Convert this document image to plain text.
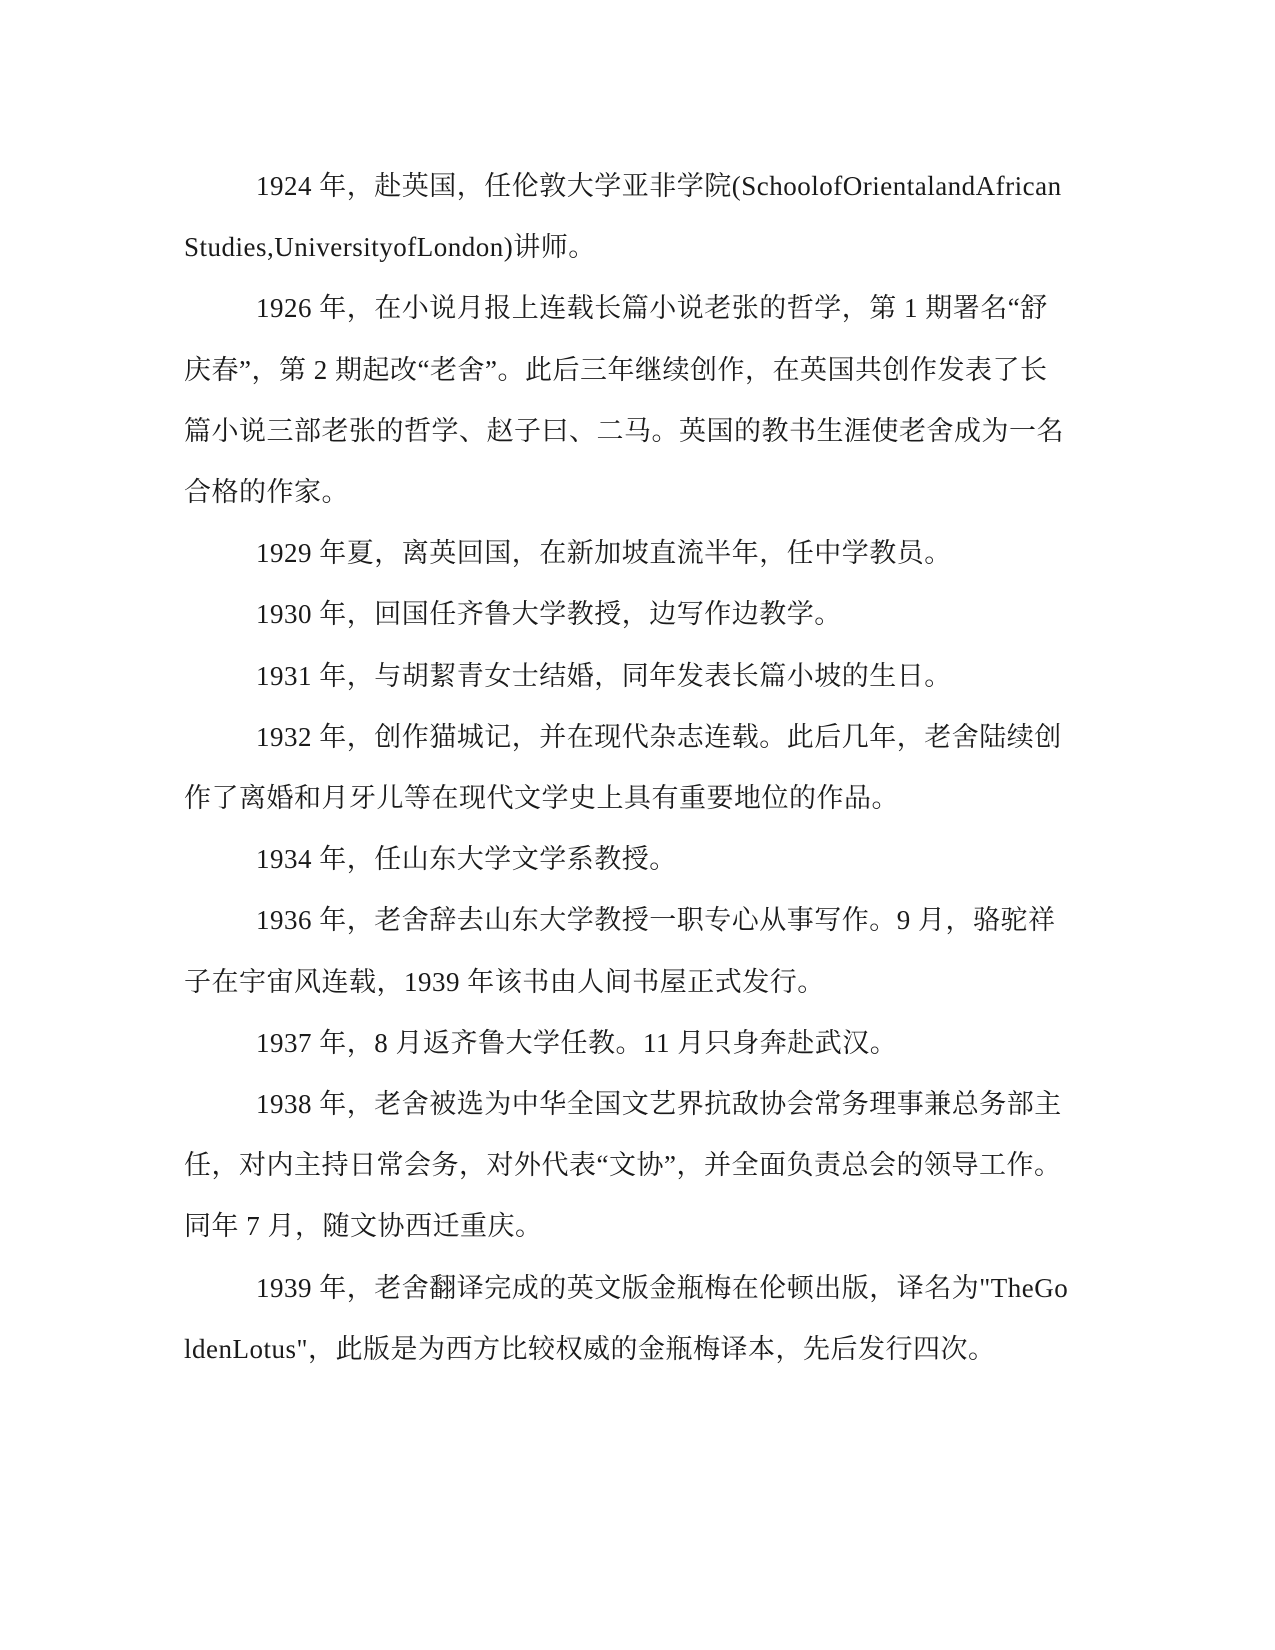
1924 年，赴英国，任伦敦大学亚非学院(SchoolofOrientalandAfricanStudies,UniversityofLondon)讲师。

1926 年，在小说月报上连载长篇小说老张的哲学，第 1 期署名“舒庆春”，第 2 期起改“老舍”。此后三年继续创作，在英国共创作发表了长篇小说三部老张的哲学、赵子曰、二马。英国的教书生涯使老舍成为一名合格的作家。

1929 年夏，离英回国，在新加坡直流半年，任中学教员。

1930 年，回国任齐鲁大学教授，边写作边教学。

1931 年，与胡絜青女士结婚，同年发表长篇小坡的生日。

1932 年，创作猫城记，并在现代杂志连载。此后几年，老舍陆续创作了离婚和月牙儿等在现代文学史上具有重要地位的作品。

1934 年，任山东大学文学系教授。

1936 年，老舍辞去山东大学教授一职专心从事写作。9 月，骆驼祥子在宇宙风连载，1939 年该书由人间书屋正式发行。

1937 年，8 月返齐鲁大学任教。11 月只身奔赴武汉。

1938 年，老舍被选为中华全国文艺界抗敌协会常务理事兼总务部主任，对内主持日常会务，对外代表“文协”，并全面负责总会的领导工作。同年 7 月，随文协西迁重庆。

1939 年，老舍翻译完成的英文版金瓶梅在伦顿出版，译名为"TheGoldenLotus"，此版是为西方比较权威的金瓶梅译本，先后发行四次。
